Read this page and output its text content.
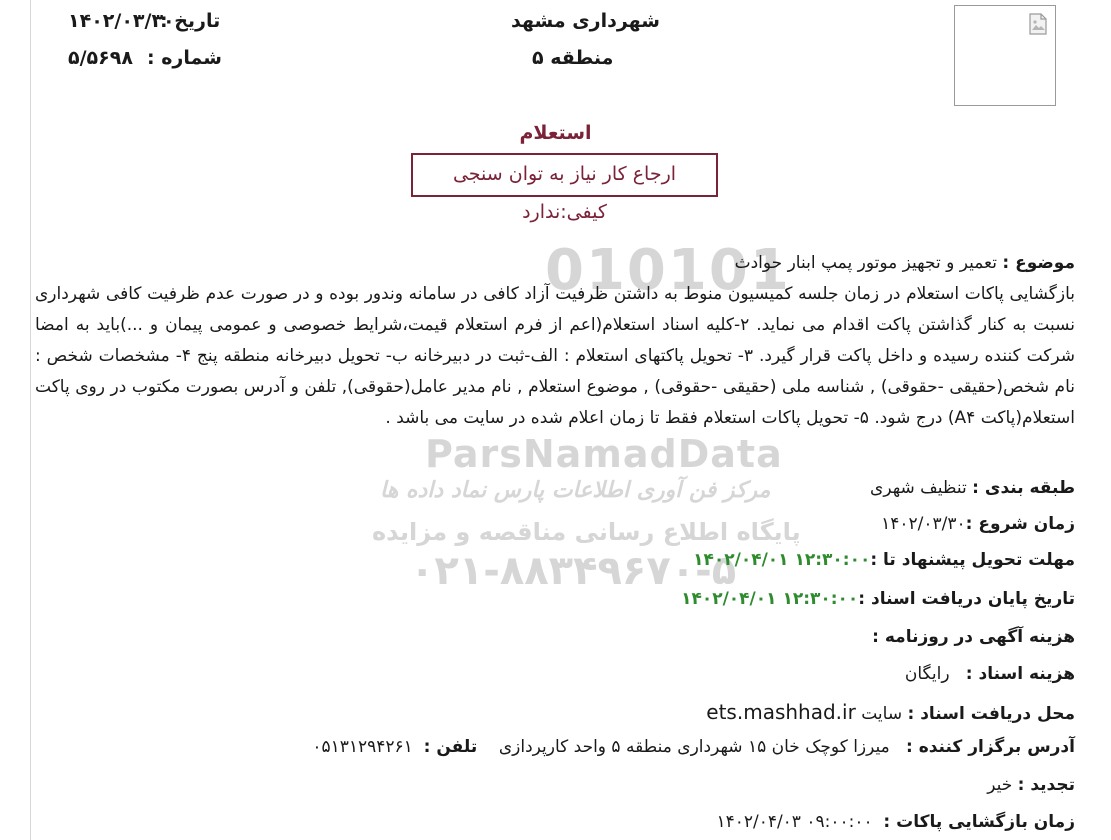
010101
ParsNamadData
مرکز فن آوری اطلاعات پارس نماد داده ها
پایگاه اطلاع رسانی مناقصه و مزایده
۰۲۱-۸۸۳۴۹۶۷۰-۵
شهرداری مشهد
منطقه ۵
تاریخ :
۱۴۰۲/۰۳/۳۰
شماره :
۵/۵۶۹۸
استعلام
ارجاع کار نیاز به توان سنجی کیفی:ندارد
موضوع : تعمیر و تجهیز موتور پمپ ابنار حوادث
بازگشایی پاکات استعلام در زمان جلسه کمیسیون منوط به داشتن ظرفیت آزاد کافی در سامانه وندور بوده و در صورت عدم ظرفیت کافی شهرداری نسبت به کنار گذاشتن پاکت اقدام می نماید. ۲-کلیه اسناد استعلام(اعم از فرم استعلام قیمت،شرایط خصوصی و عمومی پیمان و ...)باید به امضا شرکت کننده رسیده و داخل پاکت قرار گیرد. ۳- تحویل پاکتهای استعلام : الف-ثبت در دبیرخانه ب- تحویل دبیرخانه منطقه پنج ۴- مشخصات شخص : نام شخص(حقیقی -حقوقی) , شناسه ملی (حقیقی -حقوقی) , موضوع استعلام , نام مدیر عامل(حقوقی), تلفن و آدرس بصورت مکتوب در روی پاکت استعلام(پاکت A۴) درج شود. ۵- تحویل پاکات استعلام فقط تا زمان اعلام شده در سایت می باشد .
طبقه بندی : تنظیف شهری
زمان شروع :۱۴۰۲/۰۳/۳۰
مهلت تحویل پیشنهاد تا :۱۴۰۲/۰۴/۰۱ ۱۲:۳۰:۰۰
تاریخ پایان دریافت اسناد :۱۴۰۲/۰۴/۰۱ ۱۲:۳۰:۰۰
هزینه آگهی در روزنامه :
هزینه اسناد :   رایگان
محل دریافت اسناد : سایت ets.mashhad.ir
آدرس برگزار کننده :   میرزا کوچک خان ۱۵ شهرداری منطقه ۵ واحد کارپردازی    تلفن :  ۰۵۱۳۱۲۹۴۲۶۱
تجدید : خیر
زمان بازگشایی پاکات :  ۱۴۰۲/۰۴/۰۳ ۰۹:۰۰:۰۰
